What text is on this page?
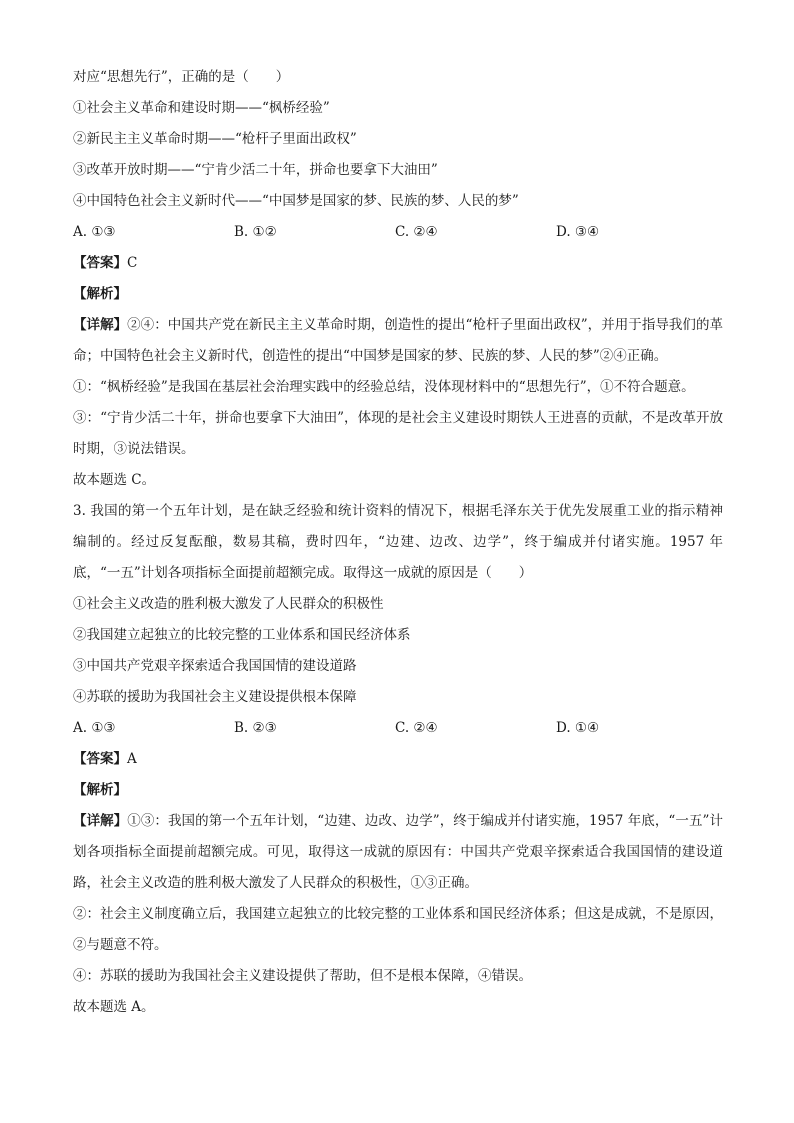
对应“思想先行”，正确的是（　　）
①社会主义革命和建设时期——“枫桥经验”
②新民主主义革命时期——“枪杆子里面出政权”
③改革开放时期——“宁肯少活二十年，拼命也要拿下大油田”
④中国特色社会主义新时代——“中国梦是国家的梦、民族的梦、人民的梦”
A. ①③	B. ①②	C. ②④	D. ③④
【答案】C
【解析】
【详解】②④：中国共产党在新民主主义革命时期，创造性的提出“枪杆子里面出政权”，并用于指导我们的革命；中国特色社会主义新时代，创造性的提出“中国梦是国家的梦、民族的梦、人民的梦”②④正确。
①：“枫桥经验”是我国在基层社会治理实践中的经验总结，没体现材料中的“思想先行”，①不符合题意。
③：“宁肯少活二十年，拼命也要拿下大油田”，体现的是社会主义建设时期铁人王进喜的贡献，不是改革开放时期，③说法错误。
故本题选 C。
3. 我国的第一个五年计划，是在缺乏经验和统计资料的情况下，根据毛泽东关于优先发展重工业的指示精神编制的。经过反复酝酿，数易其稿，费时四年，“边建、边改、边学”，终于编成并付诸实施。1957 年底，“一五”计划各项指标全面提前超额完成。取得这一成就的原因是（　　）
①社会主义改造的胜利极大激发了人民群众的积极性
②我国建立起独立的比较完整的工业体系和国民经济体系
③中国共产党艰辛探索适合我国国情的建设道路
④苏联的援助为我国社会主义建设提供根本保障
A. ①③	B. ②③	C. ②④	D. ①④
【答案】A
【解析】
【详解】①③：我国的第一个五年计划，“边建、边改、边学”，终于编成并付诸实施，1957 年底，“一五”计划各项指标全面提前超额完成。可见，取得这一成就的原因有：中国共产党艰辛探索适合我国国情的建设道路，社会主义改造的胜利极大激发了人民群众的积极性，①③正确。
②：社会主义制度确立后，我国建立起独立的比较完整的工业体系和国民经济体系；但这是成就，不是原因，②与题意不符。
④：苏联的援助为我国社会主义建设提供了帮助，但不是根本保障，④错误。
故本题选 A。
